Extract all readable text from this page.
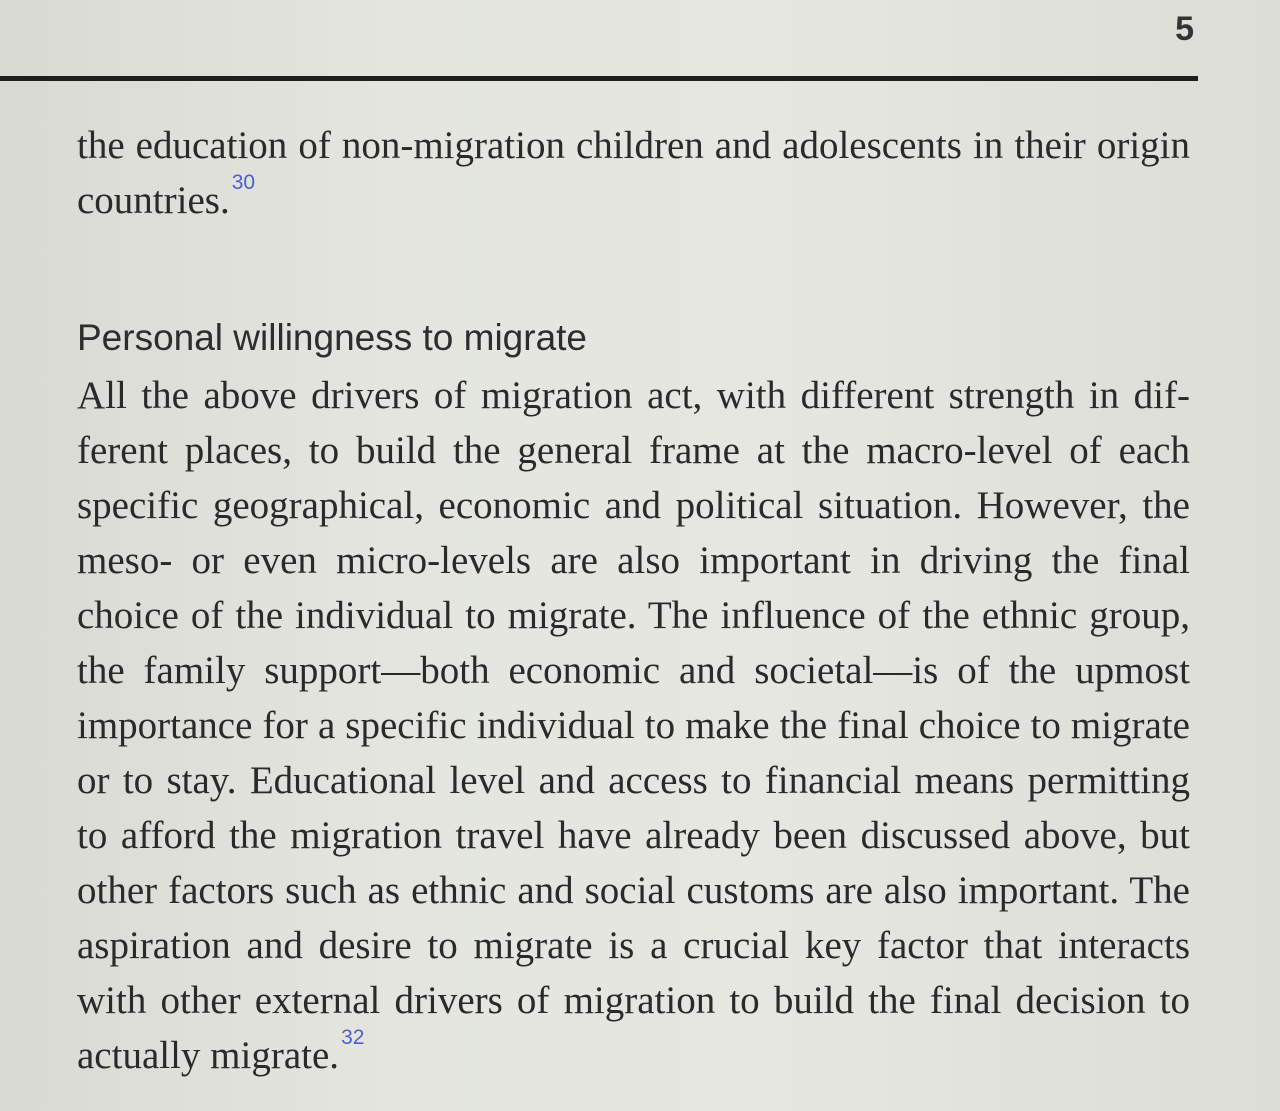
5

the education of non-migration children and adolescents in their origin countries.$^{30}$

Personal willingness to migrate

All the above drivers of migration act, with different strength in different places, to build the general frame at the macro-level of each specific geographical, economic and political situation. However, the meso- or even micro-levels are also important in driving the final choice of the individual to migrate. The influence of the ethnic group, the family support—both economic and societal—is of the upmost importance for a specific individual to make the final choice to migrate or to stay. Educational level and access to financial means permitting to afford the migration travel have already been discussed above, but other factors such as ethnic and social customs are also important. The aspiration and desire to migrate is a crucial key factor that interacts with other external drivers of migration to build the final decision to actually migrate.$^{32}$
